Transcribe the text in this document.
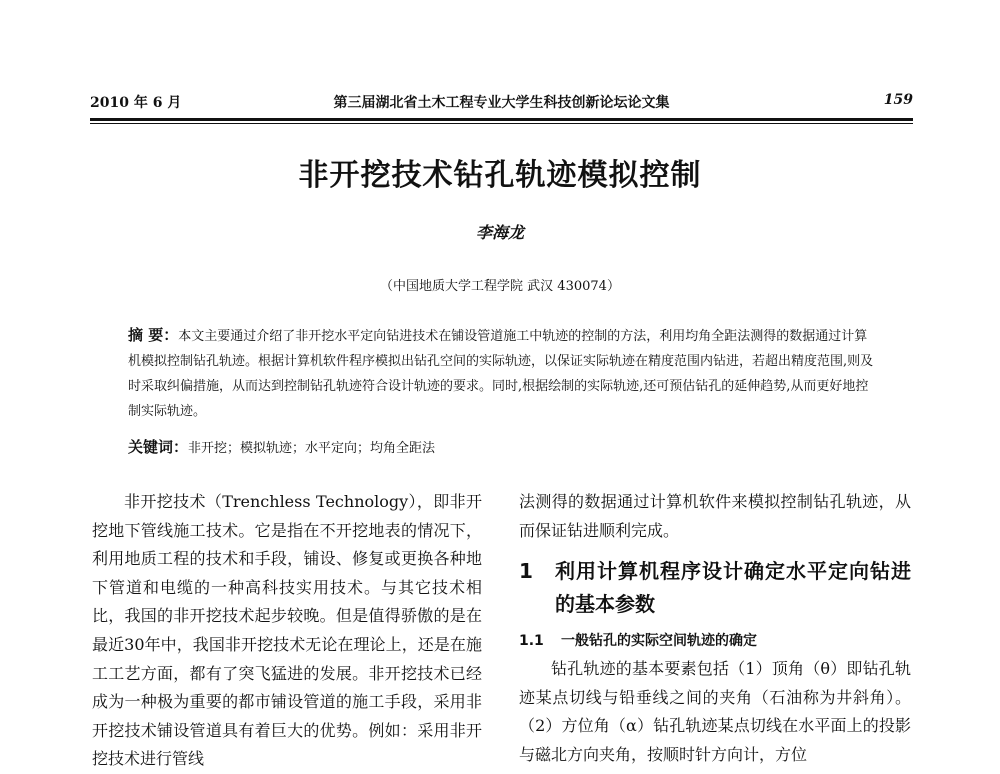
2010 年 6 月	第三届湖北省土木工程专业大学生科技创新论坛论文集	159
非开挖技术钻孔轨迹模拟控制
李海龙
（中国地质大学工程学院 武汉 430074）
摘 要：本文主要通过介绍了非开挖水平定向钻进技术在铺设管道施工中轨迹的控制的方法，利用均角全距法测得的数据通过计算机模拟控制钻孔轨迹。根据计算机软件程序模拟出钻孔空间的实际轨迹，以保证实际轨迹在精度范围内钻进，若超出精度范围,则及时采取纠偏措施，从而达到控制钻孔轨迹符合设计轨迹的要求。同时,根据绘制的实际轨迹,还可预估钻孔的延伸趋势,从而更好地控制实际轨迹。
关键词：非开挖；模拟轨迹；水平定向；均角全距法

非开挖技术（Trenchless Technology），即非开挖地下管线施工技术。它是指在不开挖地表的情况下，利用地质工程的技术和手段，铺设、修复或更换各种地下管道和电缆的一种高科技实用技术。与其它技术相比，我国的非开挖技术起步较晚。但是值得骄傲的是在最近30年中，我国非开挖技术无论在理论上，还是在施工工艺方面，都有了突飞猛进的发展。非开挖技术已经成为一种极为重要的都市铺设管道的施工手段，采用非开挖技术铺设管道具有着巨大的优势。例如：采用非开挖技术进行管线

法测得的数据通过计算机软件来模拟控制钻孔轨迹，从而保证钻进顺利完成。

1	利用计算机程序设计确定水平定向钻进的基本参数
1.1 一般钻孔的实际空间轨迹的确定

钻孔轨迹的基本要素包括（1）顶角（θ）即钻孔轨迹某点切线与铅垂线之间的夹角（石油称为井斜角）。（2）方位角（α）钻孔轨迹某点切线在水平面上的投影与磁北方向夹角，按顺时针方向计，方位
